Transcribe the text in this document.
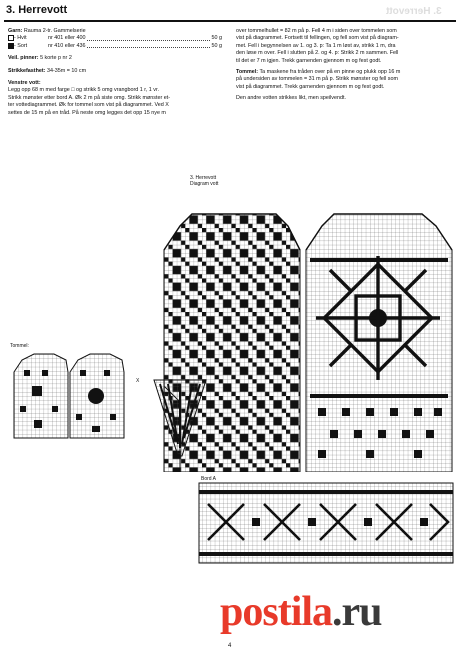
3. Herrevott	3. Herrevott
Garn: Rauma 2-tr. Gammelserie
- Hvit	nr 401 eller 400	50 g
- Sort	nr 410 eller 436	50 g
Veil. pinner: 5 korte p nr 2
Strikkefasthet: 34-35m = 10 cm
Venstre vott:
Legg opp 68 m med farge □ og strikk 5 omg vrangbord 1 r, 1 vr.
Strikk mønster etter bord A. Øk 2 m på siste omg. Strikk mønster et-
ter vottediagrammet. Øk for tommel som vist på diagrammet. Ved X
settes de 15 m på en tråd. På neste omg legges det opp 15 nye m
over tommelhullet = 82 m på p. Fell 4 m i siden over tommelen som
vist på diagrammet. Fortsett til fellingen, og fell som vist på diagram-
met. Fell i begynnelsen av 1. og 3. p: Ta 1 m løst av, strikk 1 m, dra
den løse m over. Fell i slutten på 2. og 4. p: Strikk 2 m sammen. Fell
til det er 7 m igjen. Trekk garnenden gjennom m og fest godt.
Tommel: Ta maskene fra tråden over på en pinne og plukk opp 16 m
på undersiden av tommelen = 31 m på p. Strikk mønster og fell som
vist på diagrammet. Trekk garnenden gjennom m og fest godt.
Den andre votten strikkes likt, men speilvendt.
3. Herrevott
Diagram vott
Tommel:
X
Bord A
postila.ru
4
